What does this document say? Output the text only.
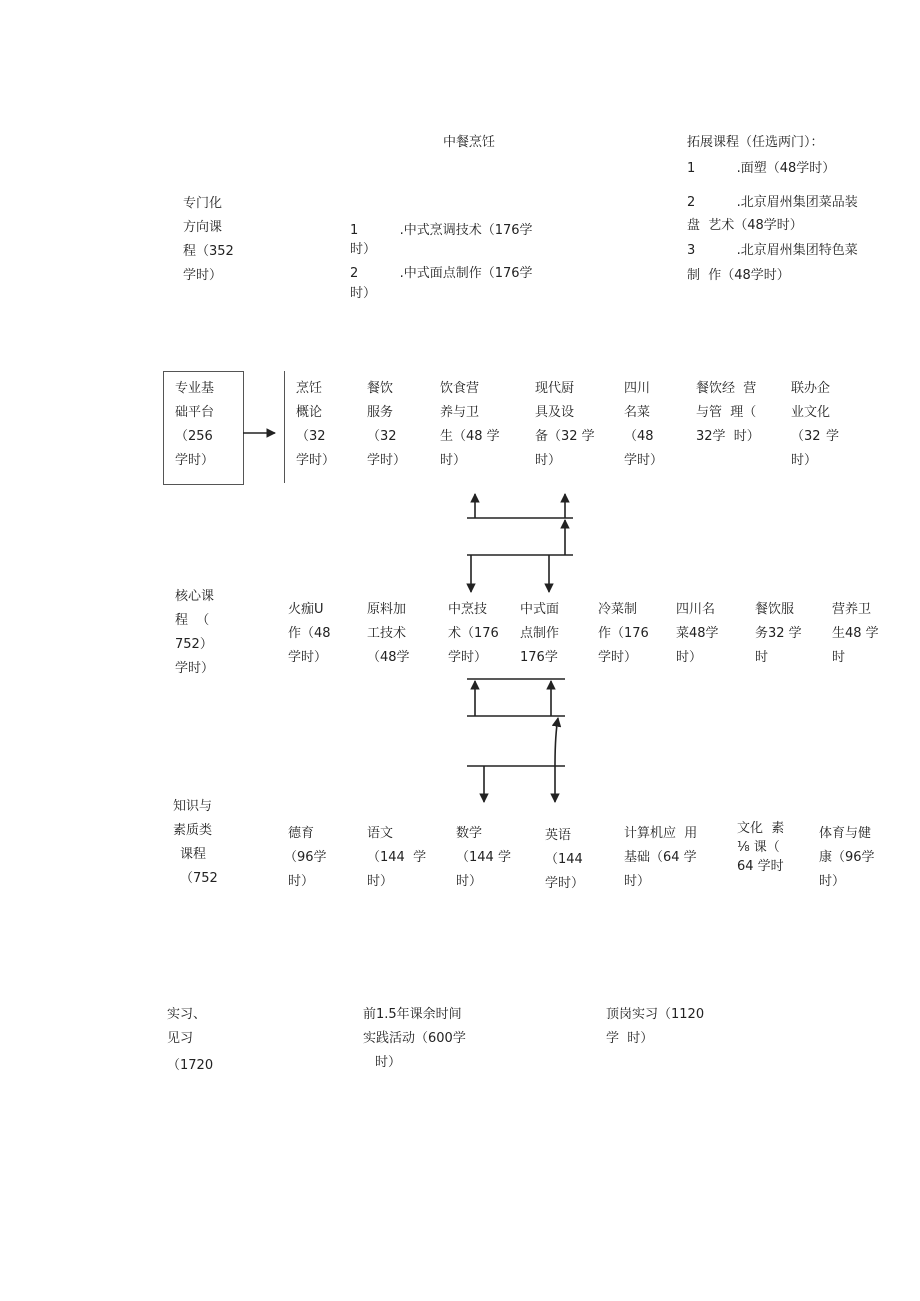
中餐烹饪
专门化
方向课
程（352
学时）
1          .中式烹调技术（176学
时）
2          .中式面点制作（176学
时）
拓展课程（任选两门）：
1          .面塑（48学时）
2          .北京眉州集团菜品装
盘  艺术（48学时）
3          .北京眉州集团特色菜
制  作（48学时）
专业基
础平台
（256
学时）
烹饪
概论
（32
学时）
餐饮
服务
（32
学时）
饮食营
养与卫
生（48 学
时）
现代厨
具及设
备（32 学
时）
四川
名菜
（48
学时）
餐饮经  营
与管  理（
32学  时）
联办企
业文化
（32 学
时）
核心课
程  （
752）
学时）
火痂U
作（48
学时）
原料加
工技术
（48学
中烹技
术（176
学时）
中式面
点制作
176学
冷菜制
作（176
学时）
四川名
菜48学
时）
餐饮服
务32 学
时
营养卫
生48 学
时
知识与
素质类
课程
（752
德育
（96学
时）
语文
（144  学
时）
数学
（144 学
时）
英语
（144
学时）
计算机应  用
基础（64 学
时）
文化  素
⅛ 课（
64 学时
体育与健
康（96学
时）
实习、
见习
（1720
前1.5年课余时间
实践活动（600学
时）
顶岗实习（1120
学  时）
